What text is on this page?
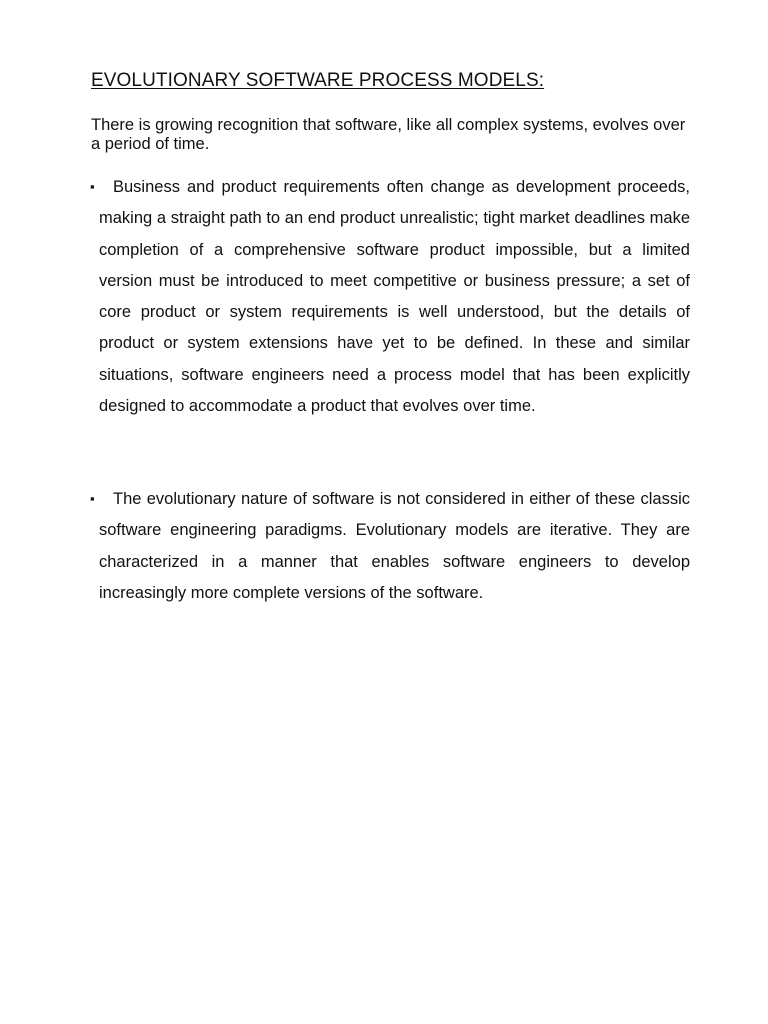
EVOLUTIONARY SOFTWARE PROCESS MODELS:

There is growing recognition that software, like all complex systems, evolves over a period of time.

▪	Business and product requirements often change as development proceeds, making a straight path to an end product unrealistic; tight market deadlines make completion of a comprehensive software product impossible, but a limited version must be introduced to meet competitive or business pressure; a set of core product or system requirements is well understood, but the details of product or system extensions have yet to be defined. In these and similar situations, software engineers need a process model that has been explicitly designed to accommodate a product that evolves over time.

▪	The evolutionary nature of software is not considered in either of these classic software engineering paradigms. Evolutionary models are iterative. They are characterized in a manner that enables software engineers to develop increasingly more complete versions of the software.
